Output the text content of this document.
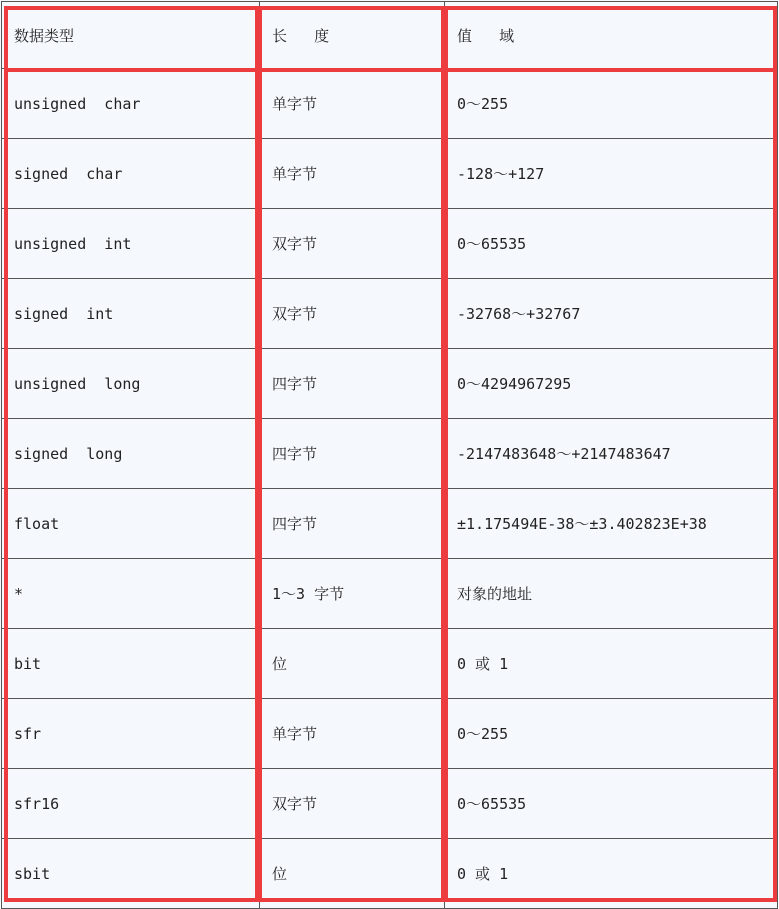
数据类型	长   度	值   域
unsigned  char	单字节	0～255
signed  char	单字节	-128～+127
unsigned  int	双字节	0～65535
signed  int	双字节	-32768～+32767
unsigned  long	四字节	0～4294967295
signed  long	四字节	-2147483648～+2147483647
float	四字节	±1.175494E-38～±3.402823E+38
*	1～3 字节	对象的地址
bit	位	0 或 1
sfr	单字节	0～255
sfr16	双字节	0～65535
sbit	位	0 或 1
